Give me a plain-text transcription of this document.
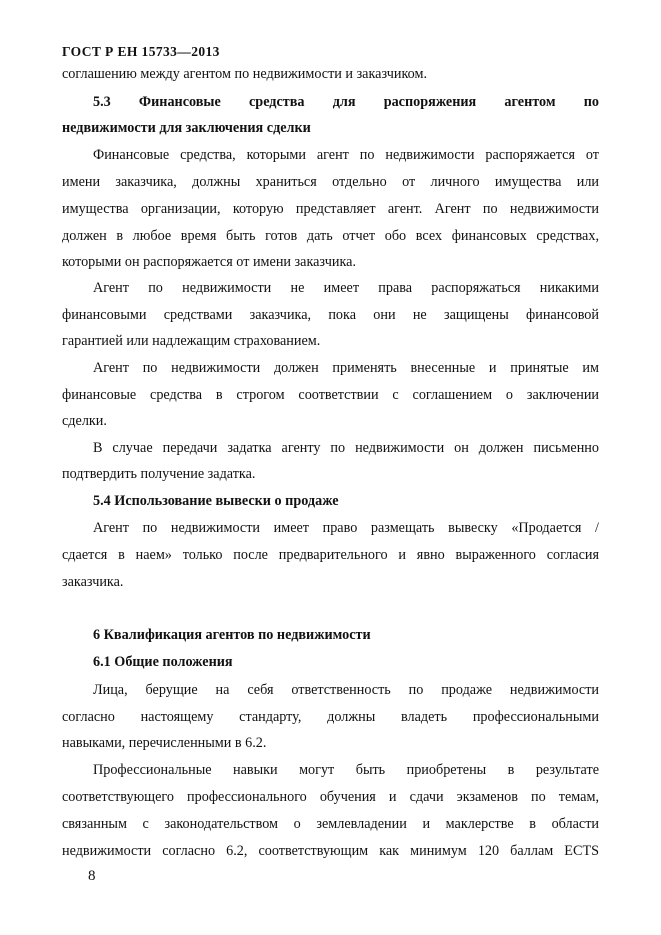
ГОСТ Р ЕН 15733—2013
соглашению между агентом по недвижимости и заказчиком.
5.3 Финансовые средства для распоряжения агентом по
недвижимости для заключения сделки
Финансовые средства, которыми агент по недвижимости распоряжается от
имени заказчика, должны храниться отдельно от личного имущества или
имущества организации, которую представляет агент. Агент по недвижимости
должен в любое время быть готов дать отчет обо всех финансовых средствах,
которыми он распоряжается от имени заказчика.
Агент по недвижимости не имеет права распоряжаться никакими
финансовыми средствами заказчика, пока они не защищены финансовой
гарантией или надлежащим страхованием.
Агент по недвижимости должен применять внесенные и принятые им
финансовые средства в строгом соответствии с соглашением о заключении
сделки.
В случае передачи задатка агенту по недвижимости он должен письменно
подтвердить получение задатка.
5.4 Использование вывески о продаже
Агент по недвижимости имеет право размещать вывеску «Продается /
сдается в наем» только после предварительного и явно выраженного согласия
заказчика.
6 Квалификация агентов по недвижимости
6.1 Общие положения
Лица, берущие на себя ответственность по продаже недвижимости
согласно настоящему стандарту, должны владеть профессиональными
навыками, перечисленными в 6.2.
Профессиональные навыки могут быть приобретены в результате
соответствующего профессионального обучения и сдачи экзаменов по темам,
связанным с законодательством о землевладении и маклерстве в области
недвижимости согласно 6.2, соответствующим как минимум 120 баллам ECTS
8
